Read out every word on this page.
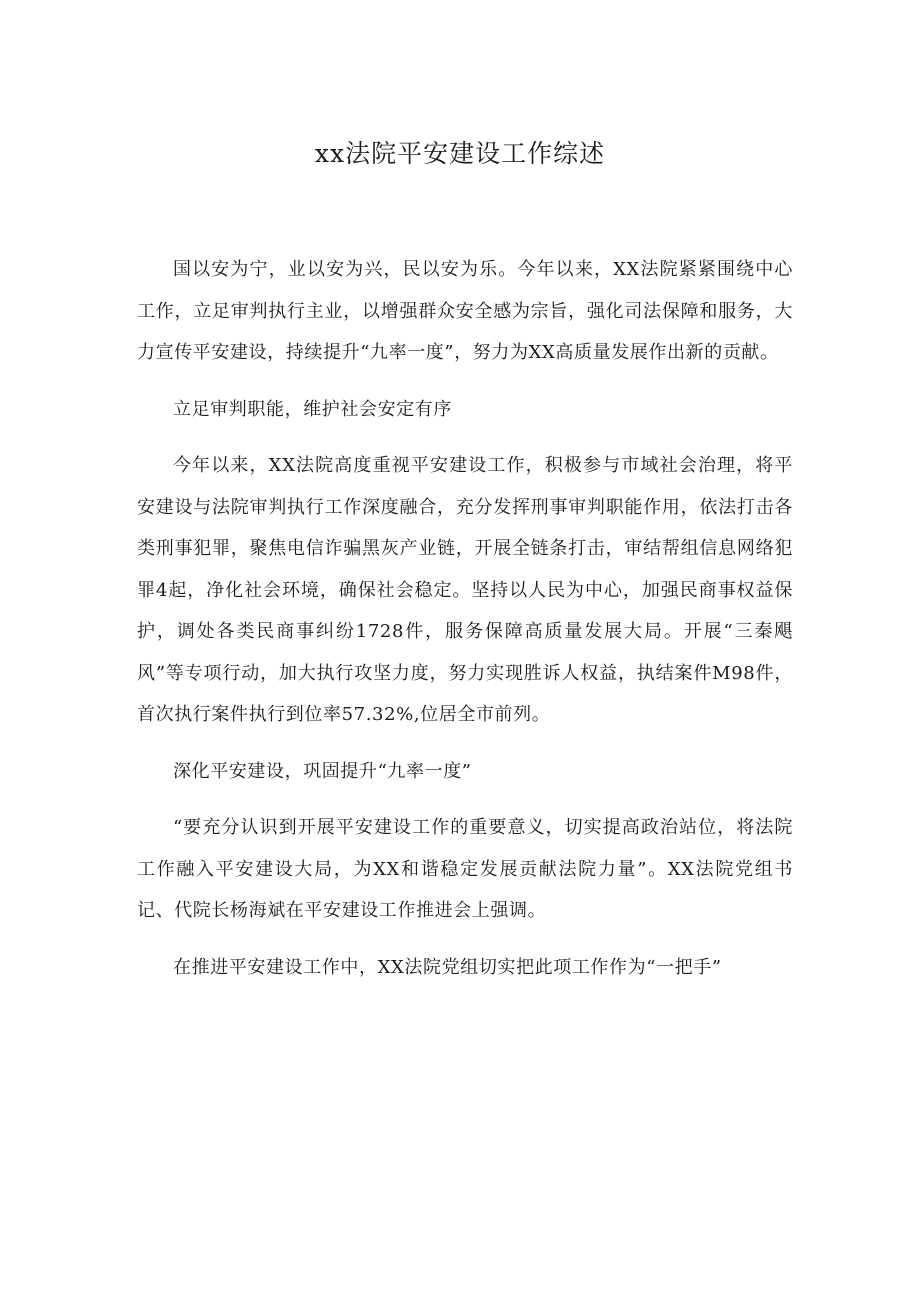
xx法院平安建设工作综述

国以安为宁，业以安为兴，民以安为乐。今年以来，XX法院紧紧围绕中心工作，立足审判执行主业，以增强群众安全感为宗旨，强化司法保障和服务，大力宣传平安建设，持续提升“九率一度”，努力为XX高质量发展作出新的贡献。

立足审判职能，维护社会安定有序

今年以来，XX法院高度重视平安建设工作，积极参与市域社会治理，将平安建设与法院审判执行工作深度融合，充分发挥刑事审判职能作用，依法打击各类刑事犯罪，聚焦电信诈骗黑灰产业链，开展全链条打击，审结帮组信息网络犯罪4起，净化社会环境，确保社会稳定。坚持以人民为中心，加强民商事权益保护，调处各类民商事纠纷1728件，服务保障高质量发展大局。开展“三秦飓风”等专项行动，加大执行攻坚力度，努力实现胜诉人权益，执结案件M98件，首次执行案件执行到位率57.32%,位居全市前列。

深化平安建设，巩固提升“九率一度”

“要充分认识到开展平安建设工作的重要意义，切实提高政治站位，将法院工作融入平安建设大局，为XX和谐稳定发展贡献法院力量”。XX法院党组书记、代院长杨海斌在平安建设工作推进会上强调。

在推进平安建设工作中，XX法院党组切实把此项工作作为“一把手”
